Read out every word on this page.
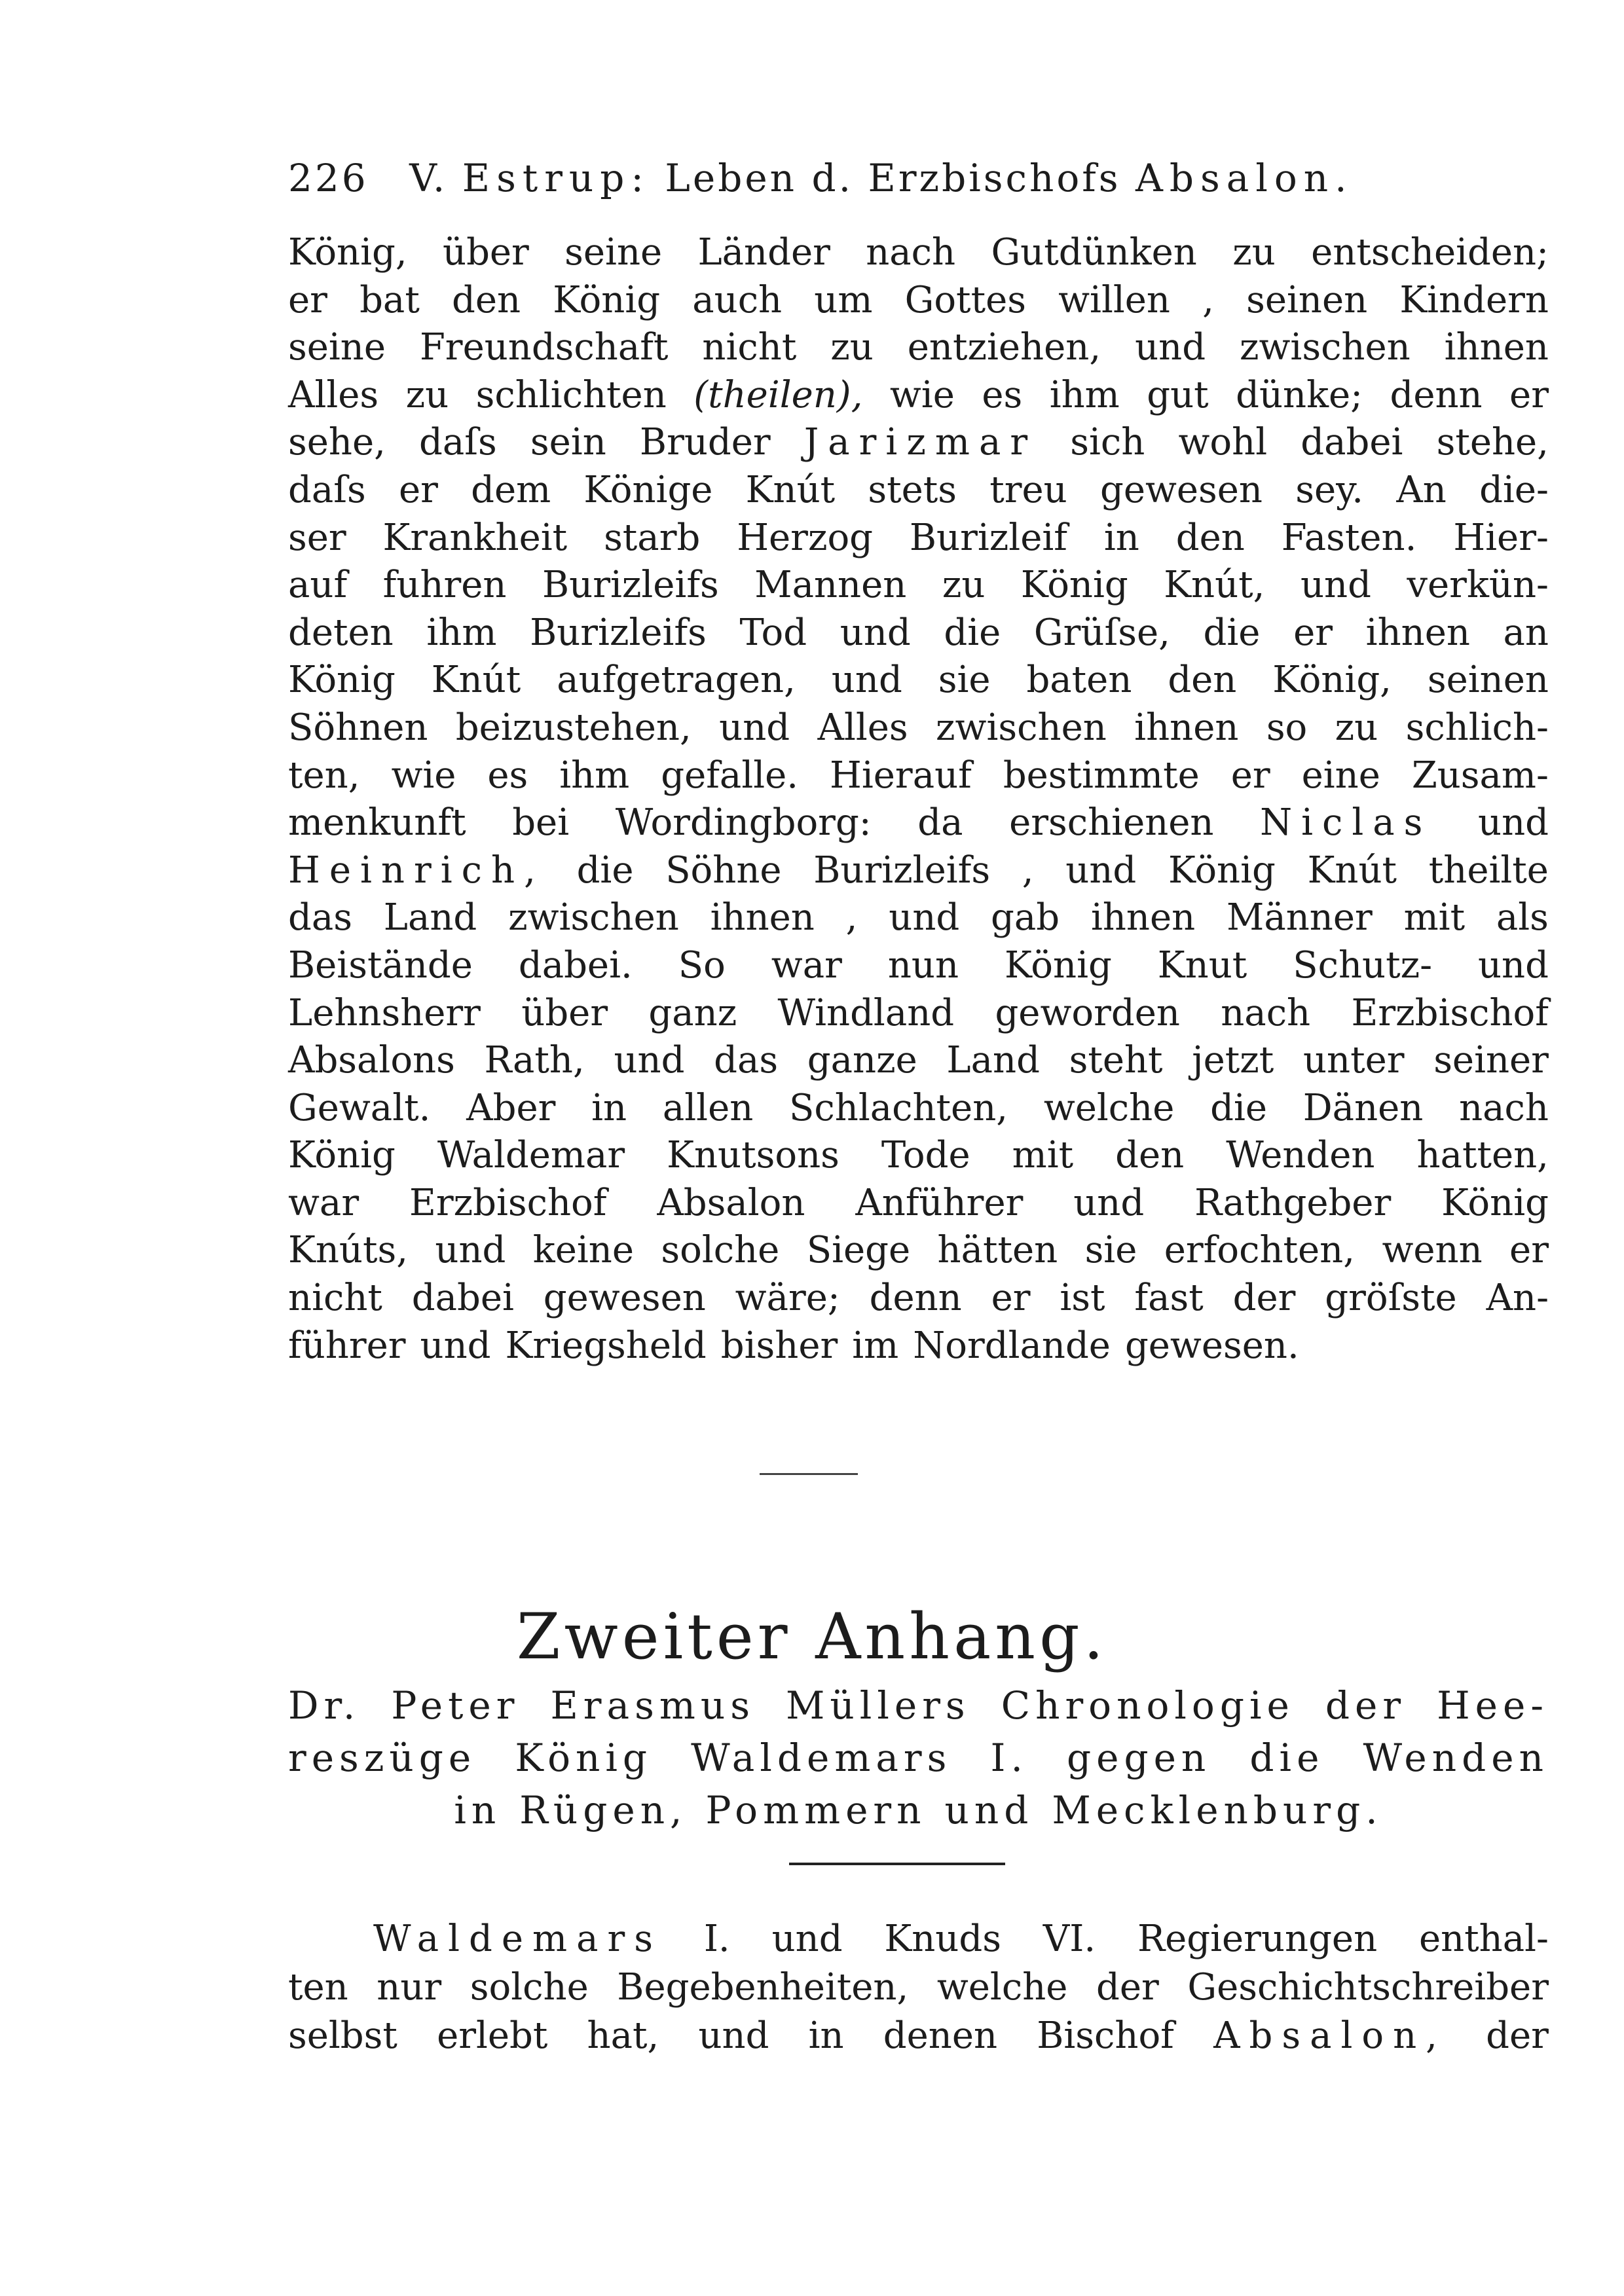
226 V. Estrup: Leben d. Erzbischofs Absalon.
König, über seine Länder nach Gutdünken zu entscheiden;
er bat den König auch um Gottes willen , seinen Kindern
seine Freundschaft nicht zu entziehen, und zwischen ihnen
Alles zu schlichten (theilen), wie es ihm gut dünke; denn er
sehe, daſs sein Bruder Jarizmar sich wohl dabei stehe,
daſs er dem Könige Knút stets treu gewesen sey. An die-
ser Krankheit starb Herzog Burizleif in den Fasten. Hier-
auf fuhren Burizleifs Mannen zu König Knút, und verkün-
deten ihm Burizleifs Tod und die Grüſse, die er ihnen an
König Knút aufgetragen, und sie baten den König, seinen
Söhnen beizustehen, und Alles zwischen ihnen so zu schlich-
ten, wie es ihm gefalle. Hierauf bestimmte er eine Zusam-
menkunft bei Wordingborg: da erschienen Niclas und
Heinrich, die Söhne Burizleifs , und König Knút theilte
das Land zwischen ihnen , und gab ihnen Männer mit als
Beistände dabei. So war nun König Knut Schutz- und
Lehnsherr über ganz Windland geworden nach Erzbischof
Absalons Rath, und das ganze Land steht jetzt unter seiner
Gewalt. Aber in allen Schlachten, welche die Dänen nach
König Waldemar Knutsons Tode mit den Wenden hatten,
war Erzbischof Absalon Anführer und Rathgeber König
Knúts, und keine solche Siege hätten sie erfochten, wenn er
nicht dabei gewesen wäre; denn er ist fast der gröſste An-
führer und Kriegsheld bisher im Nordlande gewesen.
Zweiter Anhang.
Dr. Peter Erasmus Müllers Chronologie der Hee-
reszüge König Waldemars I. gegen die Wenden
in Rügen, Pommern und Mecklenburg.
Waldemars I. und Knuds VI. Regierungen enthal-
ten nur solche Begebenheiten, welche der Geschichtschreiber
selbst erlebt hat, und in denen Bischof Absalon, der
